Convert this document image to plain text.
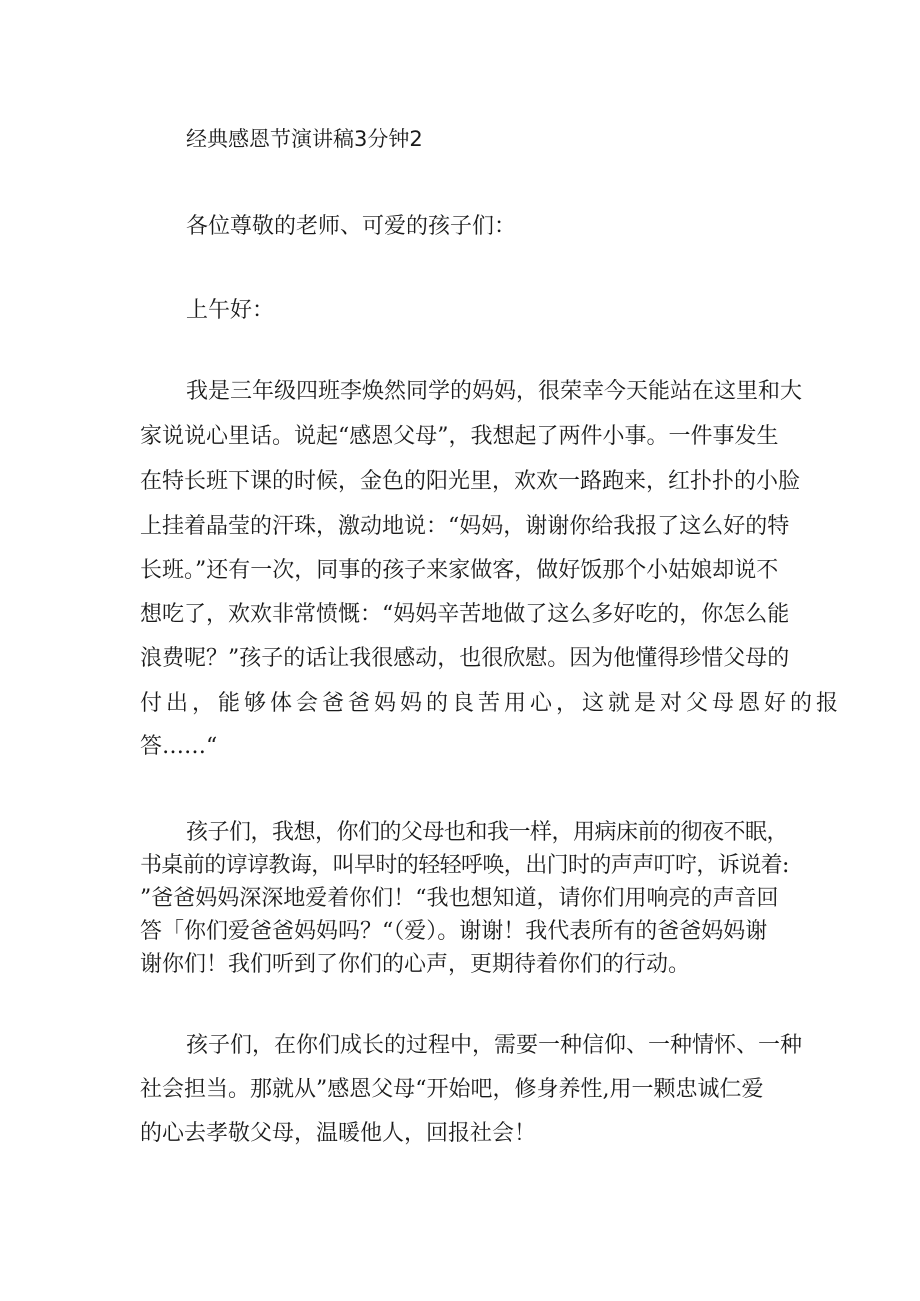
经典感恩节演讲稿3分钟2
各位尊敬的老师、可爱的孩子们：
上午好：
我是三年级四班李焕然同学的妈妈，很荣幸今天能站在这里和大
家说说心里话。说起“感恩父母”，我想起了两件小事。一件事发生
在特长班下课的时候，金色的阳光里，欢欢一路跑来，红扑扑的小脸
上挂着晶莹的汗珠，激动地说：“妈妈，谢谢你给我报了这么好的特
长班。”还有一次，同事的孩子来家做客，做好饭那个小姑娘却说不
想吃了，欢欢非常愤慨：“妈妈辛苦地做了这么多好吃的，你怎么能
浪费呢？”孩子的话让我很感动，也很欣慰。因为他懂得珍惜父母的
付出，能够体会爸爸妈妈的良苦用心，这就是对父母恩好的报
答……“
孩子们，我想，你们的父母也和我一样，用病床前的彻夜不眠，
书桌前的谆谆教诲，叫早时的轻轻呼唤，出门时的声声叮咛，诉说着:
”爸爸妈妈深深地爱着你们！“我也想知道，请你们用响亮的声音回
答「你们爱爸爸妈妈吗？“（爱）。谢谢！我代表所有的爸爸妈妈谢
谢你们！我们听到了你们的心声，更期待着你们的行动。
孩子们，在你们成长的过程中，需要一种信仰、一种情怀、一种
社会担当。那就从”感恩父母“开始吧，修身养性,用一颗忠诚仁爱
的心去孝敬父母，温暖他人，回报社会！
